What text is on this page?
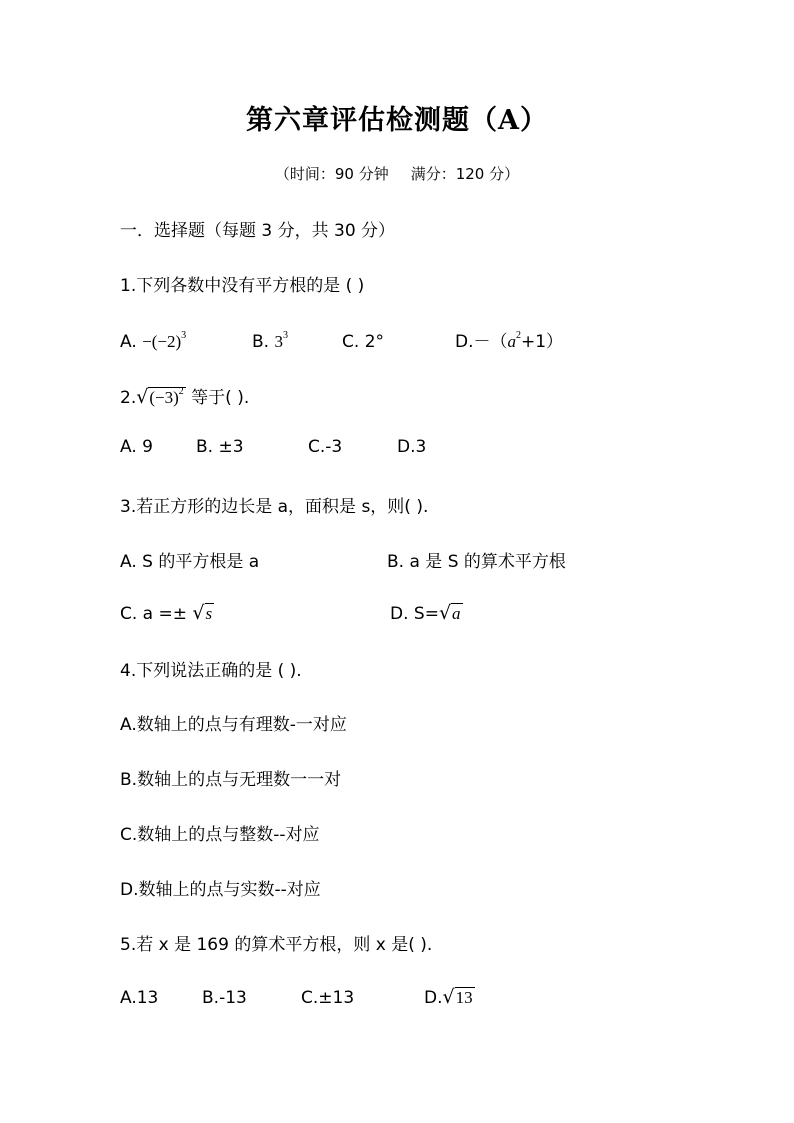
第六章评估检测题（A）
（时间：90 分钟 满分：120 分）
一．选择题（每题 3 分，共 30 分）
1.下列各数中没有平方根的是 ( )
A. $-(-2)^3$	B. $3^3$	C. 2°	$D.-(a^2+1)$
$2.√(-3)^2$ 等于( ).
A. 9	B. ±3	C.-3	D.3
3.若正方形的边长是 a，面积是 s，则( ).
A. S 的平方根是 a	B. a 是 S 的算术平方根
C. a =± √s	D. S=√a
4.下列说法正确的是 ( ).
A.数轴上的点与有理数-一对应
B.数轴上的点与无理数一一对
C.数轴上的点与整数--对应
D.数轴上的点与实数--对应
5.若 x 是 169 的算术平方根，则 x 是( ).
A.13	B.-13	C.±13	D.√13
